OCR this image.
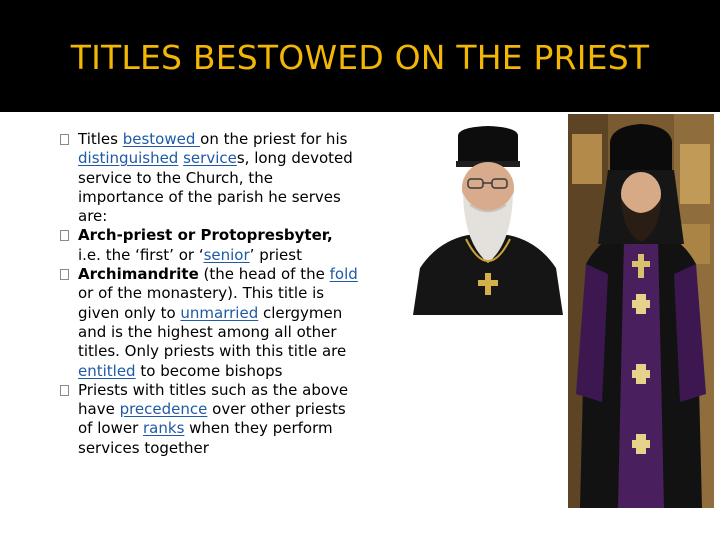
TITLES BESTOWED ON THE PRIEST

Titles bestowed on the priest for his distinguished services, long devoted service to the Church, the importance of the parish he serves are:

Arch-priest or Protopresbyter, i.e. the ‘first’ or ‘senior’ priest

Archimandrite (the head of the fold or of the monastery). This title is given only to unmarried clergymen and is the highest among all other titles. Only priests with this title are entitled to become bishops

Priests with titles such as the above have precedence over other priests of lower ranks when they perform services together
